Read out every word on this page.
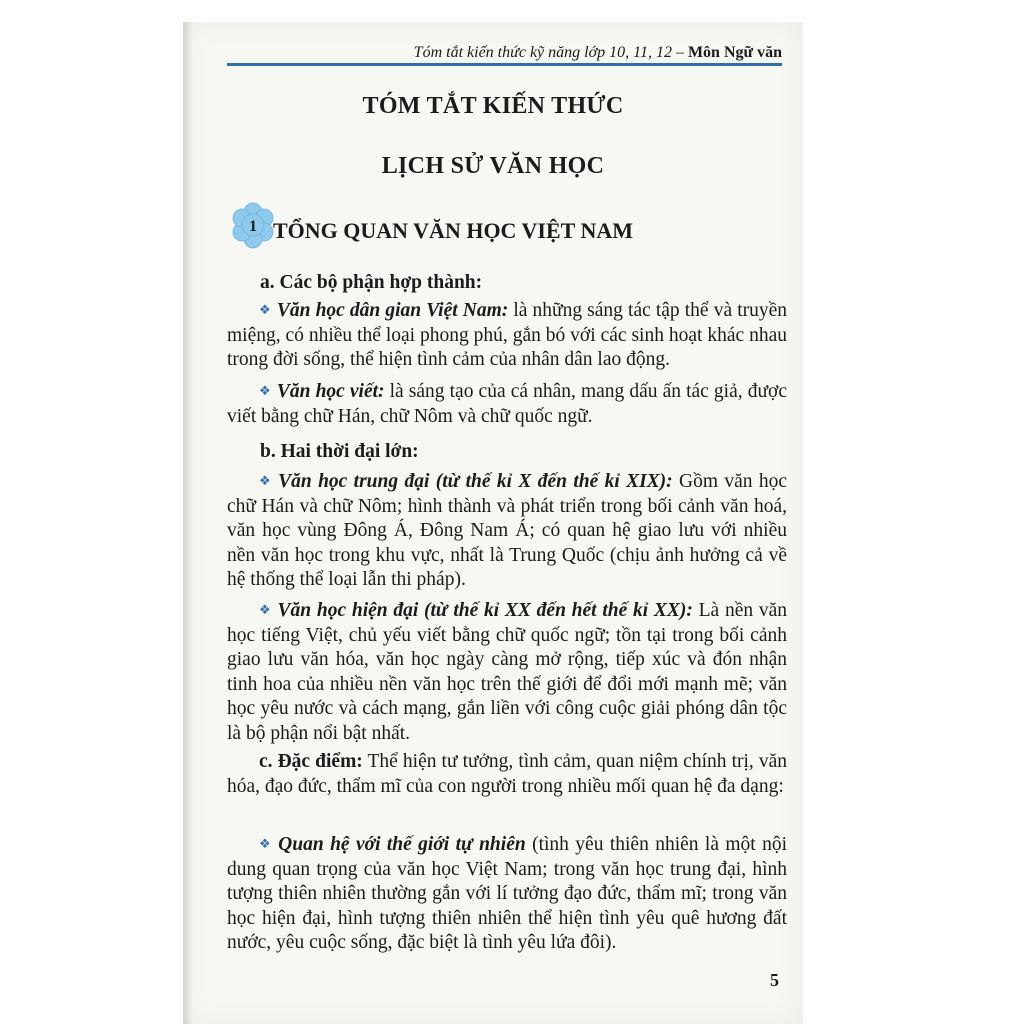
Tóm tắt kiến thức kỹ năng lớp 10, 11, 12 – Môn Ngữ văn
TÓM TẮT KIẾN THỨC
LỊCH SỬ VĂN HỌC
1 TỔNG QUAN VĂN HỌC VIỆT NAM
a. Các bộ phận hợp thành:
❖ Văn học dân gian Việt Nam: là những sáng tác tập thể và truyền miệng, có nhiều thể loại phong phú, gắn bó với các sinh hoạt khác nhau trong đời sống, thể hiện tình cảm của nhân dân lao động.
❖ Văn học viết: là sáng tạo của cá nhân, mang dấu ấn tác giả, được viết bằng chữ Hán, chữ Nôm và chữ quốc ngữ.
b. Hai thời đại lớn:
❖ Văn học trung đại (từ thế kỉ X đến thế kỉ XIX): Gồm văn học chữ Hán và chữ Nôm; hình thành và phát triển trong bối cảnh văn hoá, văn học vùng Đông Á, Đông Nam Á; có quan hệ giao lưu với nhiều nền văn học trong khu vực, nhất là Trung Quốc (chịu ảnh hưởng cả về hệ thống thể loại lẫn thi pháp).
❖ Văn học hiện đại (từ thế kỉ XX đến hết thế kỉ XX): Là nền văn học tiếng Việt, chủ yếu viết bằng chữ quốc ngữ; tồn tại trong bối cảnh giao lưu văn hóa, văn học ngày càng mở rộng, tiếp xúc và đón nhận tinh hoa của nhiều nền văn học trên thế giới để đổi mới mạnh mẽ; văn học yêu nước và cách mạng, gắn liền với công cuộc giải phóng dân tộc là bộ phận nổi bật nhất.
c. Đặc điểm: Thể hiện tư tưởng, tình cảm, quan niệm chính trị, văn hóa, đạo đức, thẩm mĩ của con người trong nhiều mối quan hệ đa dạng:
❖ Quan hệ với thế giới tự nhiên (tình yêu thiên nhiên là một nội dung quan trọng của văn học Việt Nam; trong văn học trung đại, hình tượng thiên nhiên thường gắn với lí tưởng đạo đức, thẩm mĩ; trong văn học hiện đại, hình tượng thiên nhiên thể hiện tình yêu quê hương đất nước, yêu cuộc sống, đặc biệt là tình yêu lứa đôi).
5
